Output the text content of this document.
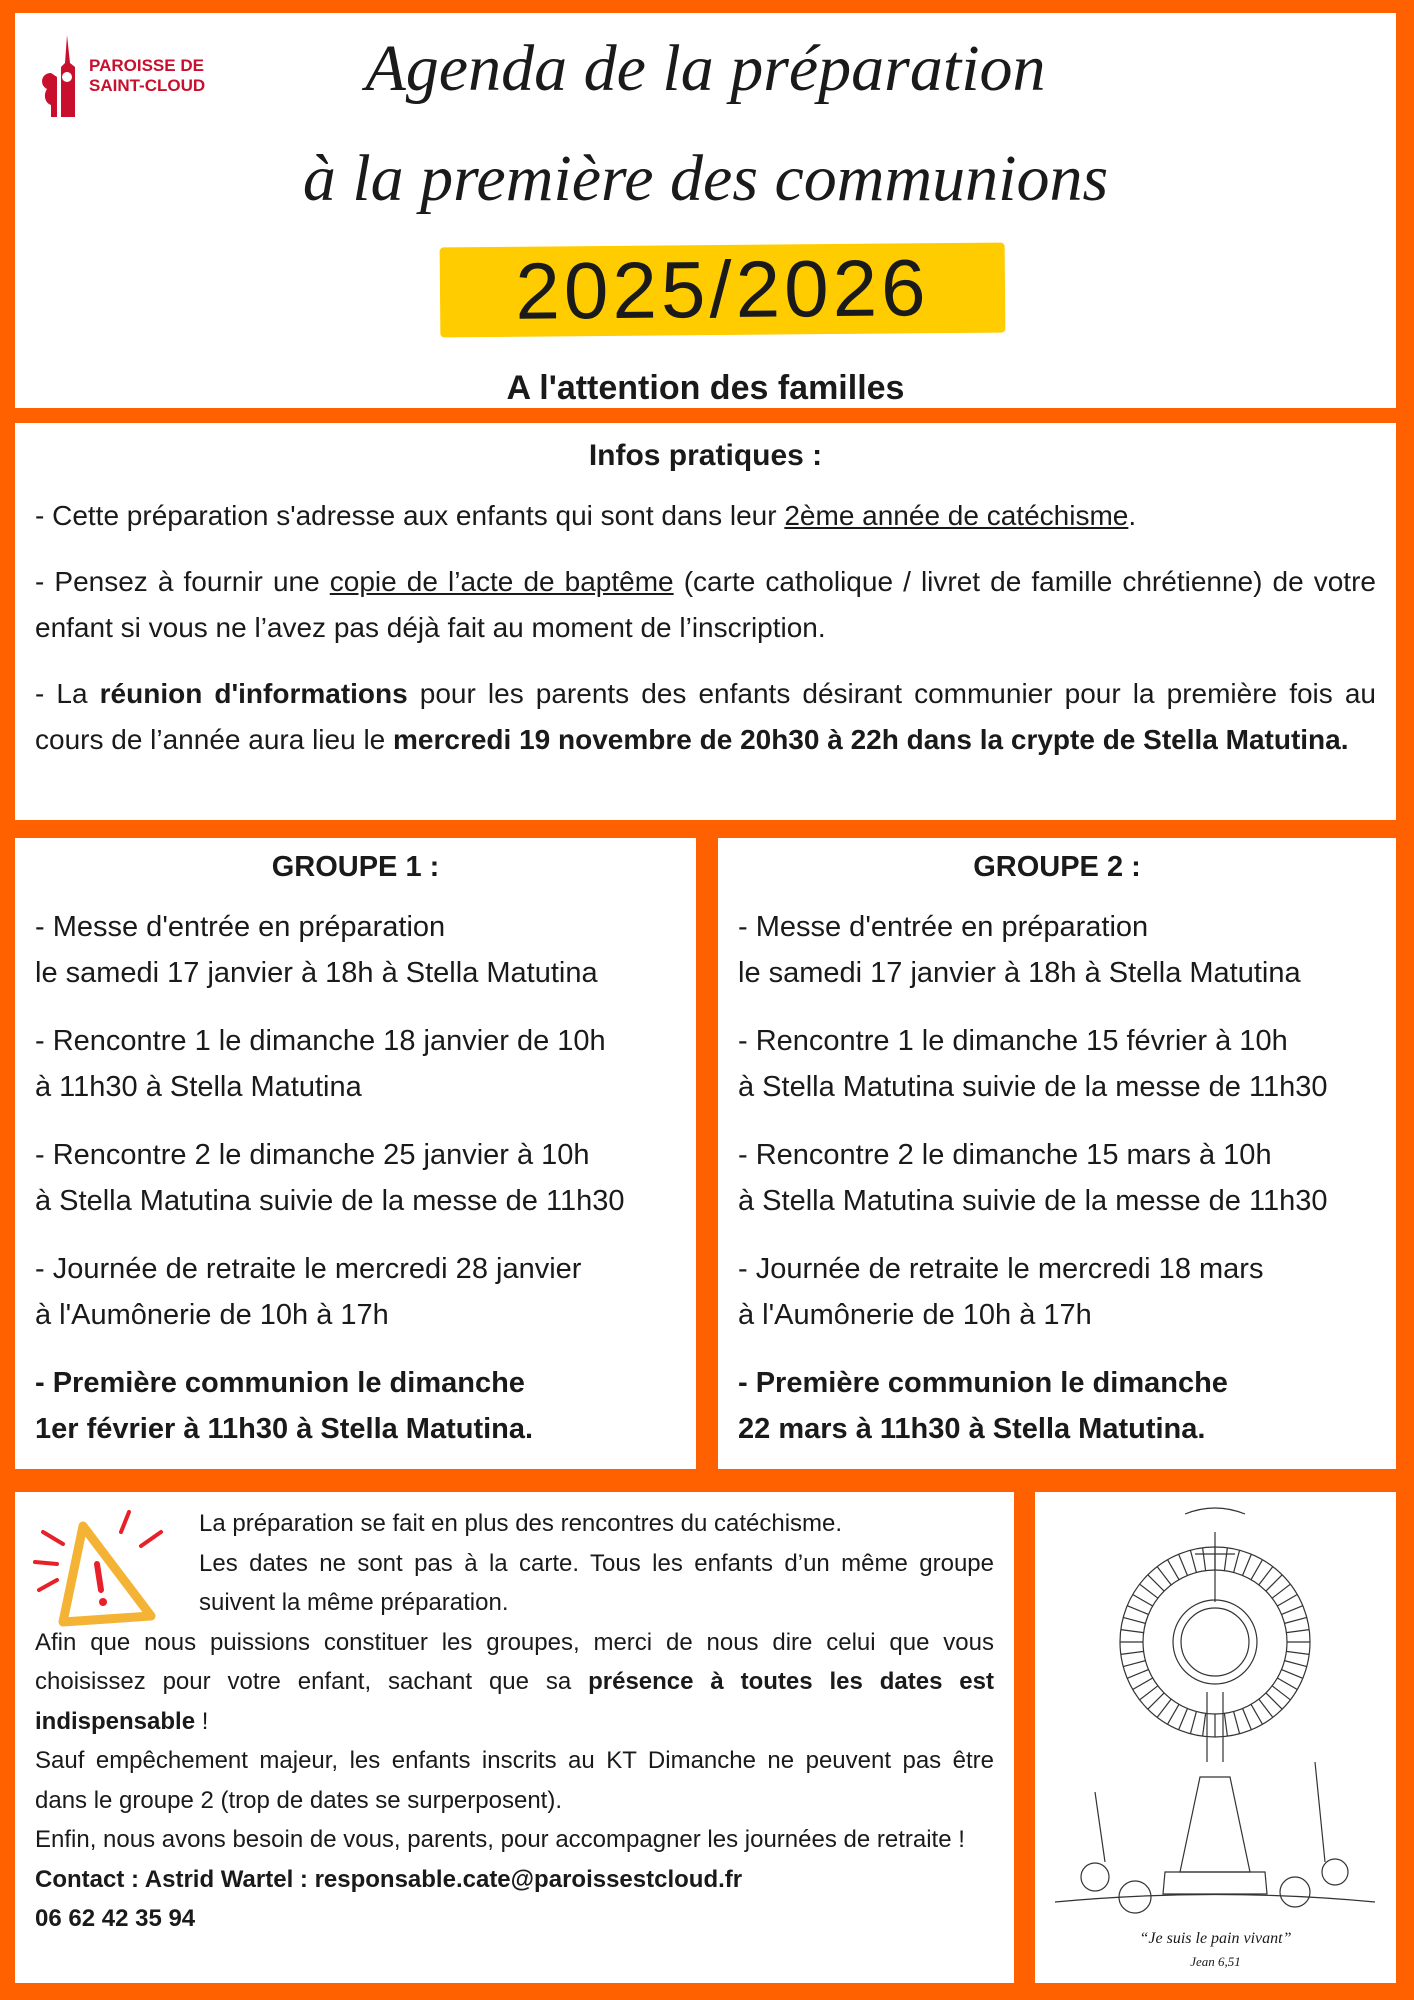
PAROISSE DE
SAINT-CLOUD	Agenda de la préparation
à la première des communions
2025/2026
A l'attention des familles
Infos pratiques :
- Cette préparation s'adresse aux enfants qui sont dans leur 2ème année de catéchisme.
- Pensez à fournir une copie de l’acte de baptême (carte catholique / livret de famille chrétienne) de votre enfant si vous ne l’avez pas déjà fait au moment de l’inscription.
- La réunion d'informations pour les parents des enfants désirant communier pour la première fois au cours de l’année aura lieu le mercredi 19 novembre de 20h30 à 22h dans la crypte de Stella Matutina.
GROUPE 1 :

- Messe d'entrée en préparation
le samedi 17 janvier à 18h à Stella Matutina

- Rencontre 1 le dimanche 18 janvier de 10h
à 11h30 à Stella Matutina

- Rencontre 2 le dimanche 25 janvier à 10h
à Stella Matutina suivie de la messe de 11h30

- Journée de retraite le mercredi 28 janvier
à l'Aumônerie de 10h à 17h

- Première communion le dimanche
1er février à 11h30 à Stella Matutina.

GROUPE 2 :

- Messe d'entrée en préparation
le samedi 17 janvier à 18h à Stella Matutina

- Rencontre 1 le dimanche 15 février à 10h
à Stella Matutina suivie de la messe de 11h30

- Rencontre 2 le dimanche 15 mars à 10h
à Stella Matutina suivie de la messe de 11h30

- Journée de retraite le mercredi 18 mars
à l'Aumônerie de 10h à 17h

- Première communion le dimanche
22 mars à 11h30 à Stella Matutina.

La préparation se fait en plus des rencontres du catéchisme.
Les dates ne sont pas à la carte. Tous les enfants d’un même groupe suivent la même préparation.
Afin que nous puissions constituer les groupes, merci de nous dire celui que vous choisissez pour votre enfant, sachant que sa présence à toutes les dates est indispensable !
Sauf empêchement majeur, les enfants inscrits au KT Dimanche ne peuvent pas être dans le groupe 2 (trop de dates se surperposent).
Enfin, nous avons besoin de vous, parents, pour accompagner les journées de retraite !
Contact : Astrid Wartel : responsable.cate@paroissestcloud.fr
06 62 42 35 94
“Je suis le pain vivant”
Jean 6,51
